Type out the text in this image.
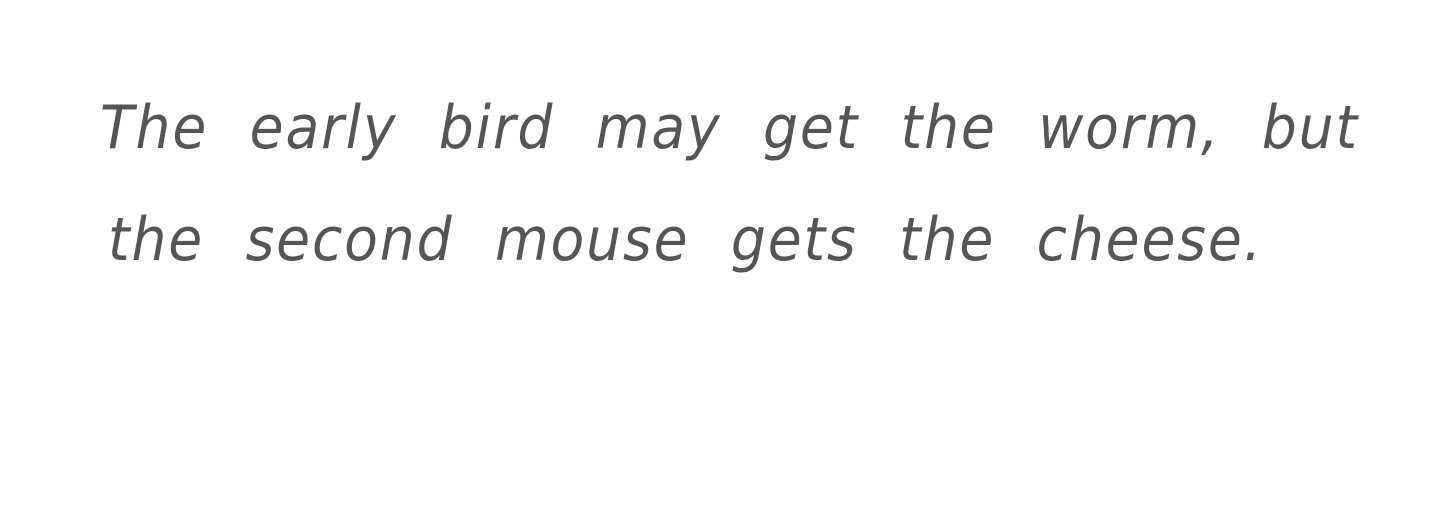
The early bird may get the worm, but

the second mouse gets the cheese.
